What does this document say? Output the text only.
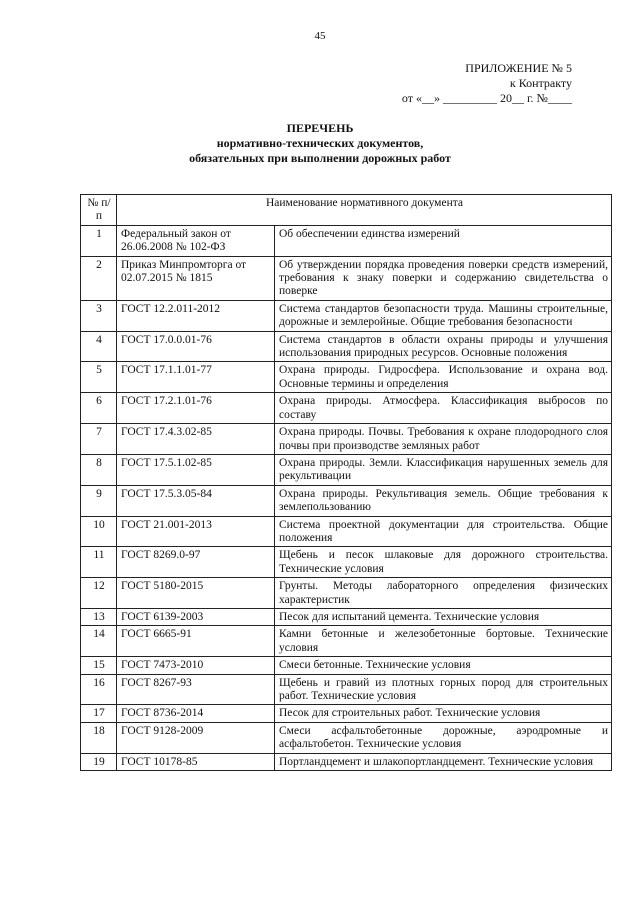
45
ПРИЛОЖЕНИЕ № 5
к Контракту
от «__» _________ 20__ г. №____
ПЕРЕЧЕНЬ
нормативно-технических документов,
обязательных при выполнении дорожных работ
№ п/п	Наименование нормативного документа	
1	Федеральный закон от 26.06.2008 № 102-ФЗ	Об обеспечении единства измерений
2	Приказ Минпромторга от 02.07.2015 № 1815	Об утверждении порядка проведения поверки средств измерений, требования к знаку поверки и содержанию свидетельства о поверке
3	ГОСТ 12.2.011-2012	Система стандартов безопасности труда. Машины строительные, дорожные и землеройные. Общие требования безопасности
4	ГОСТ 17.0.0.01-76	Система стандартов в области охраны природы и улучшения использования природных ресурсов. Основные положения
5	ГОСТ 17.1.1.01-77	Охрана природы. Гидросфера. Использование и охрана вод. Основные термины и определения
6	ГОСТ 17.2.1.01-76	Охрана природы. Атмосфера. Классификация выбросов по составу
7	ГОСТ 17.4.3.02-85	Охрана природы. Почвы. Требования к охране плодородного слоя почвы при производстве земляных работ
8	ГОСТ 17.5.1.02-85	Охрана природы. Земли. Классификация нарушенных земель для рекультивации
9	ГОСТ 17.5.3.05-84	Охрана природы. Рекультивация земель. Общие требования к землепользованию
10	ГОСТ 21.001-2013	Система проектной документации для строительства. Общие положения
11	ГОСТ 8269.0-97	Щебень и песок шлаковые для дорожного строительства. Технические условия
12	ГОСТ 5180-2015	Грунты. Методы лабораторного определения физических характеристик
13	ГОСТ 6139-2003	Песок для испытаний цемента. Технические условия
14	ГОСТ 6665-91	Камни бетонные и железобетонные бортовые. Технические условия
15	ГОСТ 7473-2010	Смеси бетонные. Технические условия
16	ГОСТ 8267-93	Щебень и гравий из плотных горных пород для строительных работ. Технические условия
17	ГОСТ 8736-2014	Песок для строительных работ. Технические условия
18	ГОСТ 9128-2009	Смеси асфальтобетонные дорожные, аэродромные и асфальтобетон. Технические условия
19	ГОСТ 10178-85	Портландцемент и шлакопортландцемент. Технические условия
